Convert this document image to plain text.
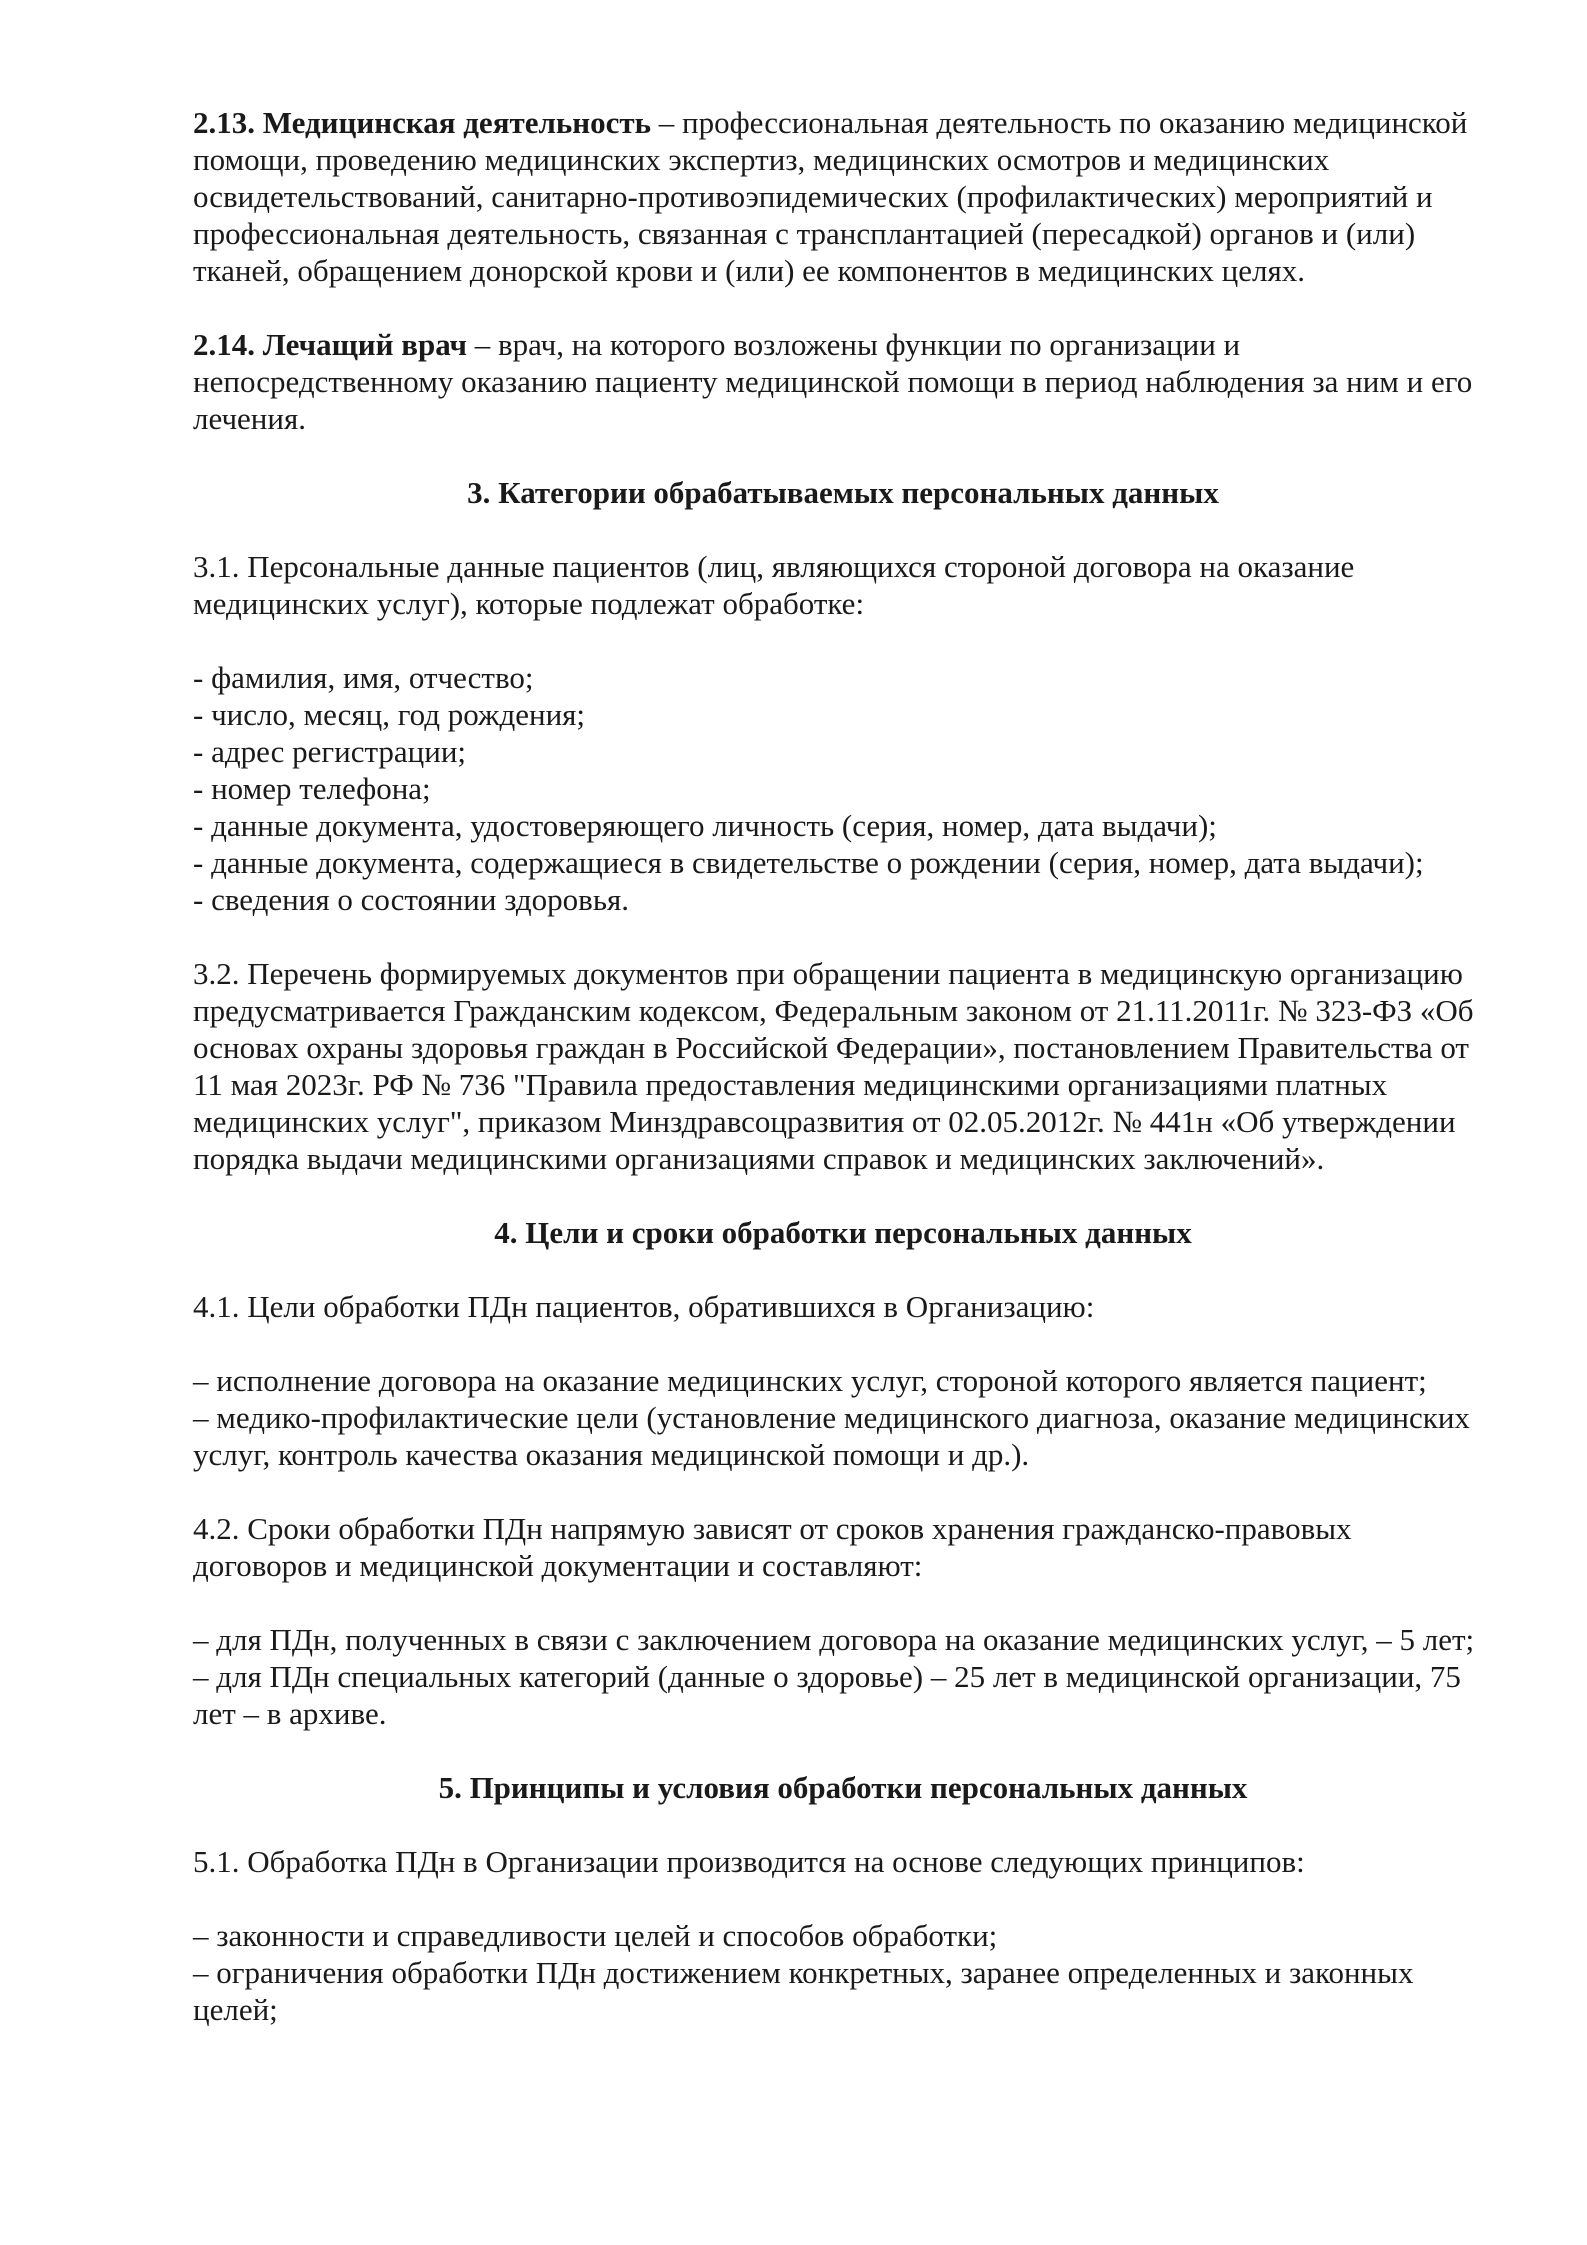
2.13. Медицинская деятельность – профессиональная деятельность по оказанию медицинской помощи, проведению медицинских экспертиз, медицинских осмотров и медицинских освидетельствований, санитарно-противоэпидемических (профилактических) мероприятий и профессиональная деятельность, связанная с трансплантацией (пересадкой) органов и (или) тканей, обращением донорской крови и (или) ее компонентов в медицинских целях.

2.14. Лечащий врач – врач, на которого возложены функции по организации и непосредственному оказанию пациенту медицинской помощи в период наблюдения за ним и его лечения.

3. Категории обрабатываемых персональных данных

3.1. Персональные данные пациентов (лиц, являющихся стороной договора на оказание медицинских услуг), которые подлежат обработке:

- фамилия, имя, отчество;
- число, месяц, год рождения;
- адрес регистрации;
- номер телефона;
- данные документа, удостоверяющего личность (серия, номер, дата выдачи);
- данные документа, содержащиеся в свидетельстве о рождении (серия, номер, дата выдачи);
- сведения о состоянии здоровья.

3.2. Перечень формируемых документов при обращении пациента в медицинскую организацию предусматривается Гражданским кодексом, Федеральным законом от 21.11.2011г. № 323-ФЗ «Об основах охраны здоровья граждан в Российской Федерации», постановлением Правительства от 11 мая 2023г. РФ № 736 "Правила предоставления медицинскими организациями платных медицинских услуг", приказом Минздравсоцразвития от 02.05.2012г. № 441н «Об утверждении порядка выдачи медицинскими организациями справок и медицинских заключений».

4. Цели и сроки обработки персональных данных

4.1. Цели обработки ПДн пациентов, обратившихся в Организацию:

– исполнение договора на оказание медицинских услуг, стороной которого является пациент;
– медико-профилактические цели (установление медицинского диагноза, оказание медицинских услуг, контроль качества оказания медицинской помощи и др.).

4.2. Сроки обработки ПДн напрямую зависят от сроков хранения гражданско-правовых договоров и медицинской документации и составляют:

– для ПДн, полученных в связи с заключением договора на оказание медицинских услуг, – 5 лет;
– для ПДн специальных категорий (данные о здоровье) – 25 лет в медицинской организации, 75 лет – в архиве.
5. Принципы и условия обработки персональных данных

5.1. Обработка ПДн в Организации производится на основе следующих принципов:

– законности и справедливости целей и способов обработки;
– ограничения обработки ПДн достижением конкретных, заранее определенных и законных целей;
